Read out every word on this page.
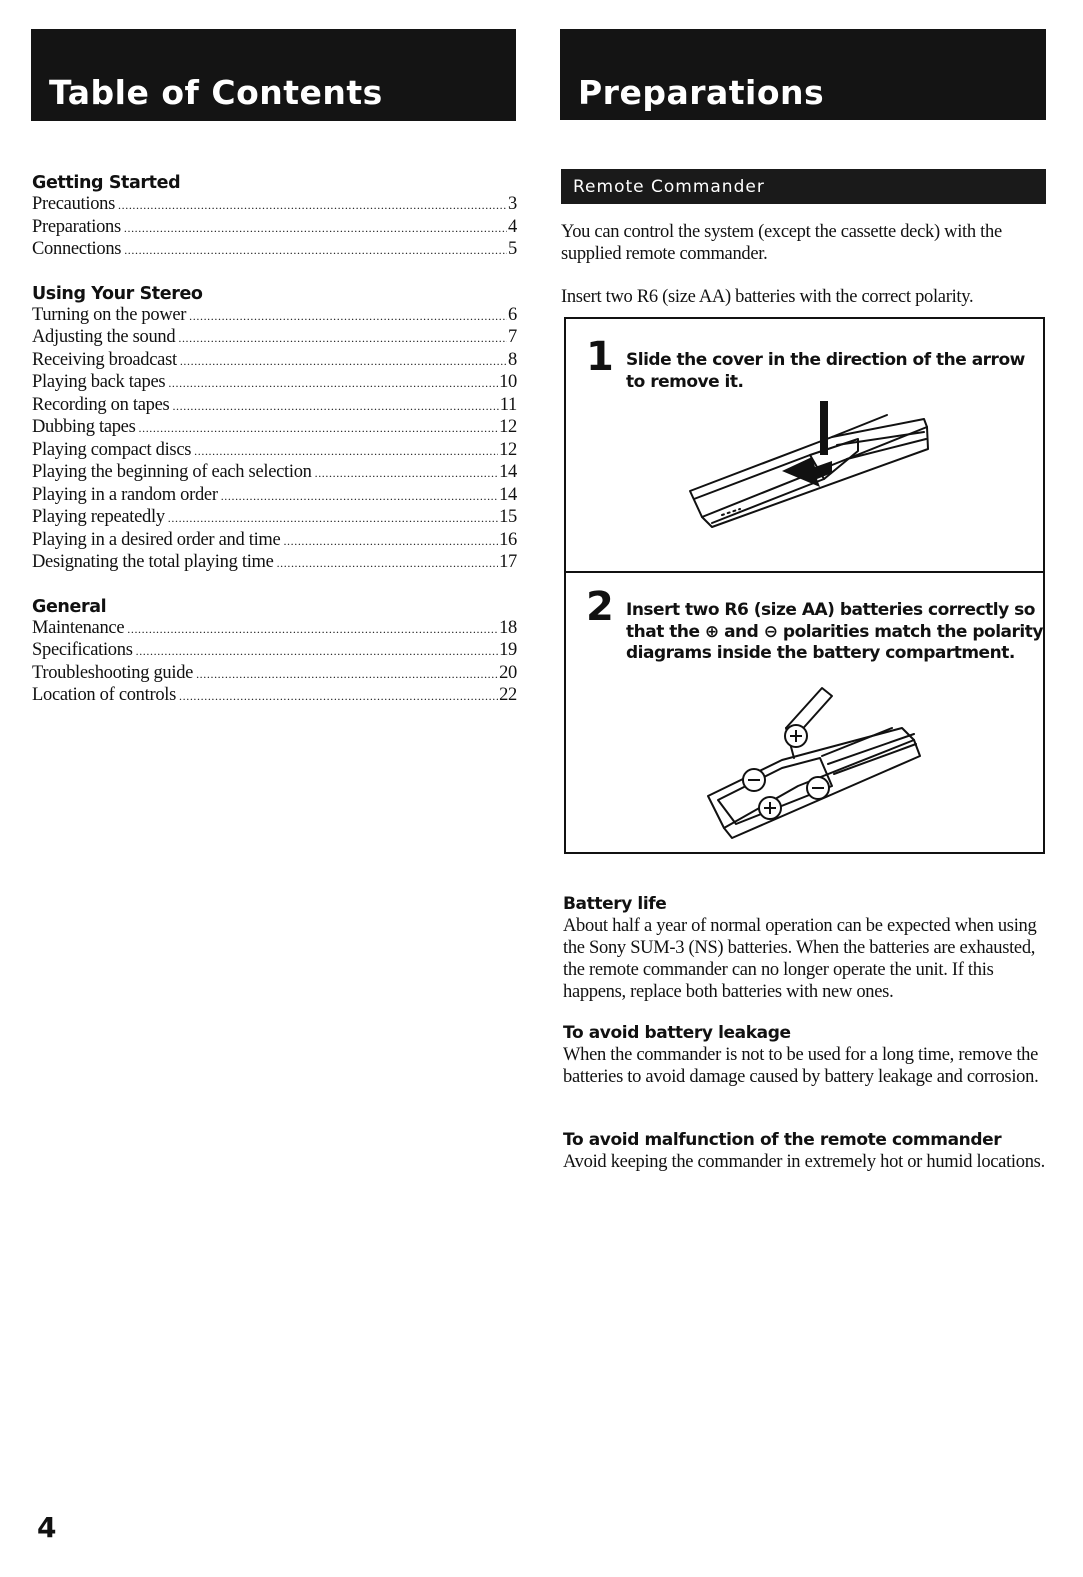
Table of Contents	Preparations
Getting Started
Precautions .....	3
Preparations .....	4
Connections .....	5
Using Your Stereo
Turning on the power .....	6
Adjusting the sound .....	7
Receiving broadcast .....	8
Playing back tapes .....	10
Recording on tapes .....	11
Dubbing tapes .....	12
Playing compact discs .....	12
Playing the beginning of each selection .....	14
Playing in a random order .....	14
Playing repeatedly .....	15
Playing in a desired order and time .....	16
Designating the total playing time .....	17
General
Maintenance .....	18
Specifications .....	19
Troubleshooting guide .....	20
Location of controls .....	22
Remote Commander
You can control the system (except the cassette deck) with the supplied remote commander.
Insert two R6 (size AA) batteries with the correct polarity.
1 Slide the cover in the direction of the arrow to remove it.
2 Insert two R6 (size AA) batteries correctly so that the ⊕ and ⊖ polarities match the polarity diagrams inside the battery compartment.
Battery life
About half a year of normal operation can be expected when using the Sony SUM-3 (NS) batteries. When the batteries are exhausted, the remote commander can no longer operate the unit. If this happens, replace both batteries with new ones.
To avoid battery leakage
When the commander is not to be used for a long time, remove the batteries to avoid damage caused by battery leakage and corrosion.
To avoid malfunction of the remote commander
Avoid keeping the commander in extremely hot or humid locations.
4
